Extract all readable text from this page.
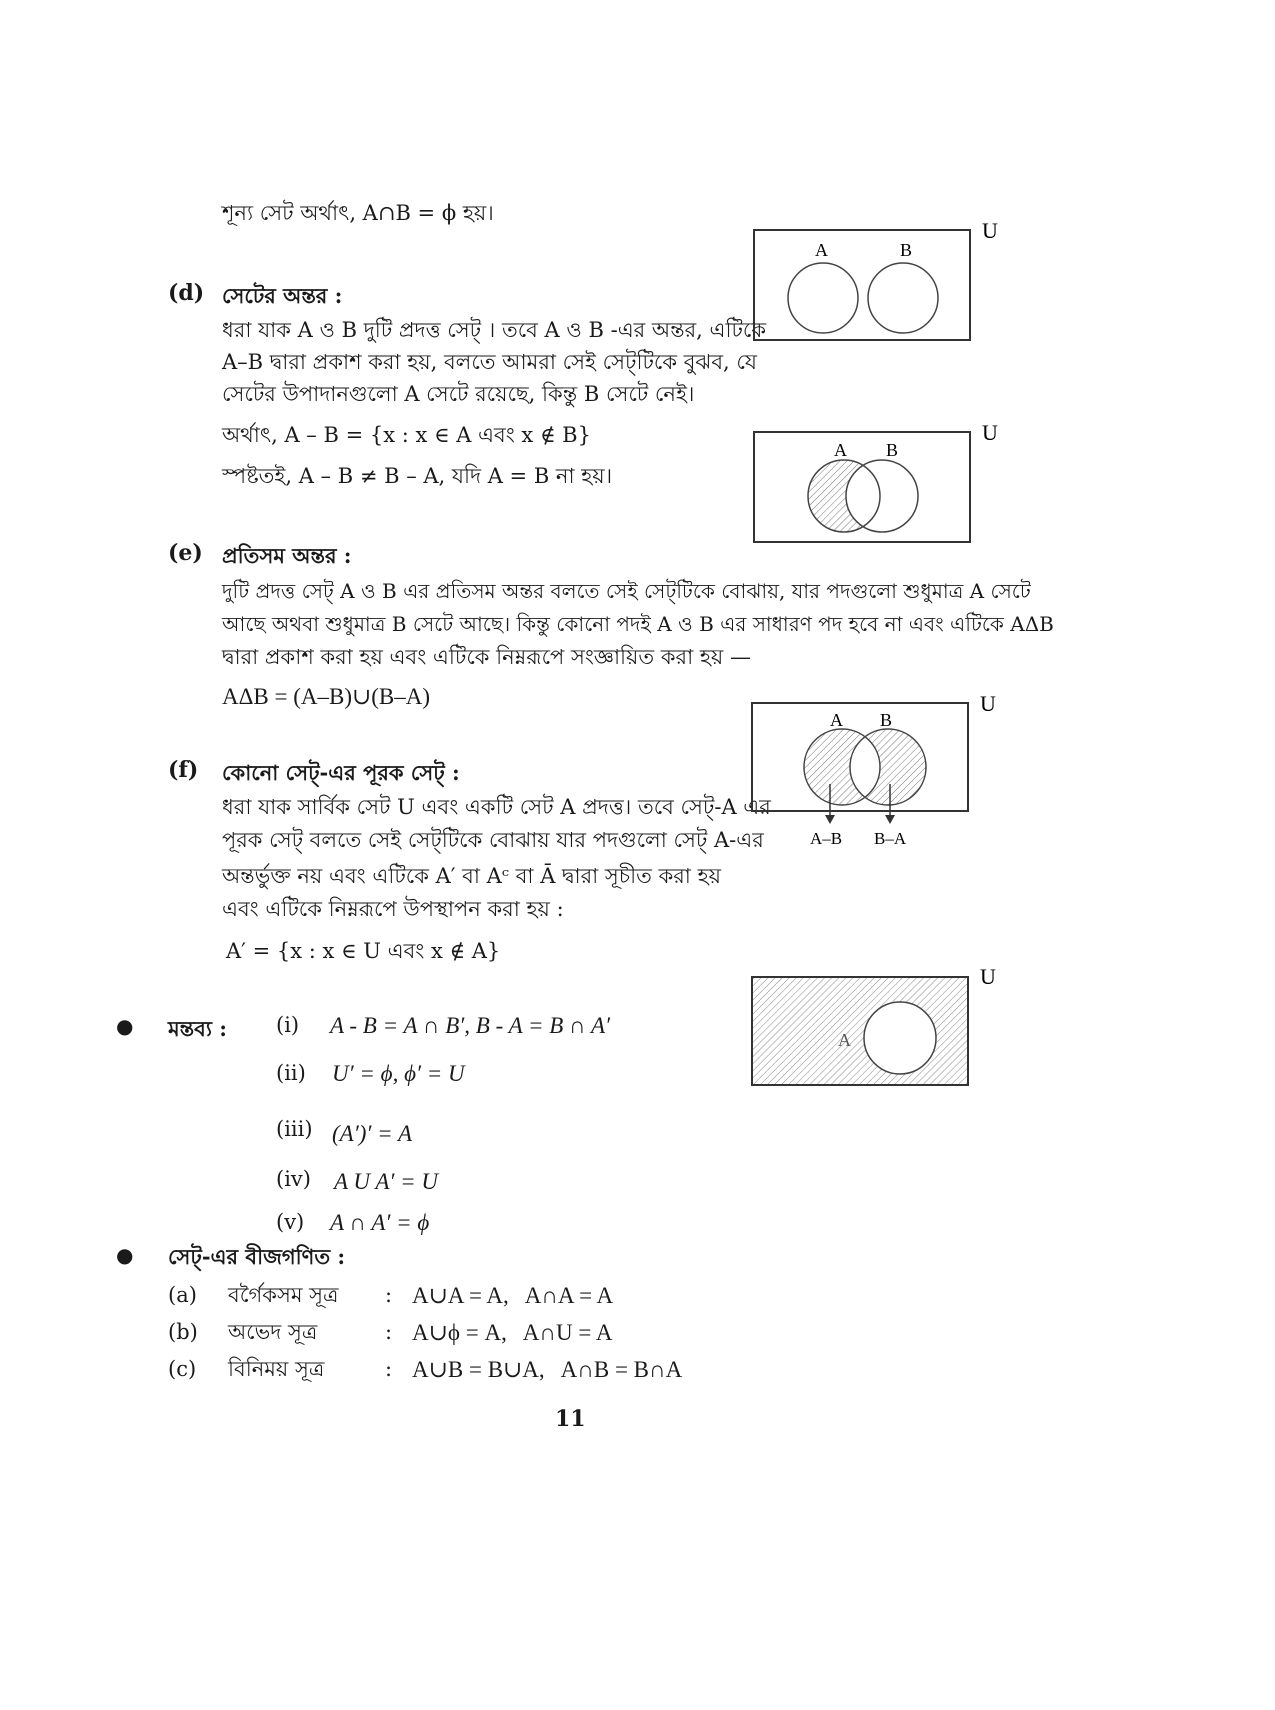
শূন্য সেট অর্থাৎ, A∩B = ϕ হয়।
(d) সেটের অন্তর :
ধরা যাক A ও B দুটি প্রদত্ত সেট্ । তবে A ও B -এর অন্তর, এটিকে
A–B দ্বারা প্রকাশ করা হয়, বলতে আমরা সেই সেট্‌টিকে বুঝব, যে
সেটের উপাদানগুলো A সেটে রয়েছে, কিন্তু B সেটে নেই।
অর্থাৎ, A – B = {x : x ∈ A এবং x ∉ B}
স্পষ্টতই, A – B ≠ B – A, যদি A = B না হয়।
(e) প্রতিসম অন্তর :
দুটি প্রদত্ত সেট্ A ও B এর প্রতিসম অন্তর বলতে সেই সেট্‌টিকে বোঝায়, যার পদগুলো শুধুমাত্র A সেটে
আছে অথবা শুধুমাত্র B সেটে আছে। কিন্তু কোনো পদই A ও B এর সাধারণ পদ হবে না এবং এটিকে AΔB
দ্বারা প্রকাশ করা হয় এবং এটিকে নিম্নরূপে সংজ্ঞায়িত করা হয় —
AΔB = (A–B)∪(B–A)
(f) কোনো সেট্-এর পূরক সেট্ :
ধরা যাক সার্বিক সেট U এবং একটি সেট A প্রদত্ত। তবে সেট্-A এর
পূরক সেট্ বলতে সেই সেট্‌টিকে বোঝায় যার পদগুলো সেট্ A-এর
অন্তর্ভুক্ত নয় এবং এটিকে A′ বা Aᶜ বা Ā দ্বারা সূচীত করা হয়
এবং এটিকে নিম্নরূপে উপস্থাপন করা হয় :
A′ = {x : x ∈ U এবং x ∉ A}
● মন্তব্য : (i) A - B = A ∩ B′, B - A = B ∩ A′
(ii) U′ = ϕ, ϕ′ = U
(iii) (A′)′ = A
(iv) A U A′ = U
(v) A ∩ A′ = ϕ
● সেট্-এর বীজগণিত :
(a) বর্গৈকসম সূত্র : A∪A = A,   A∩A = A
(b) অভেদ সূত্র	: A∪ϕ = A,   A∩U = A
(c) বিনিময় সূত্র	: A∪B = B∪A,   A∩B = B∩A
11
A	B
U
A B
U
A B
U
A–B B–A
A
U
